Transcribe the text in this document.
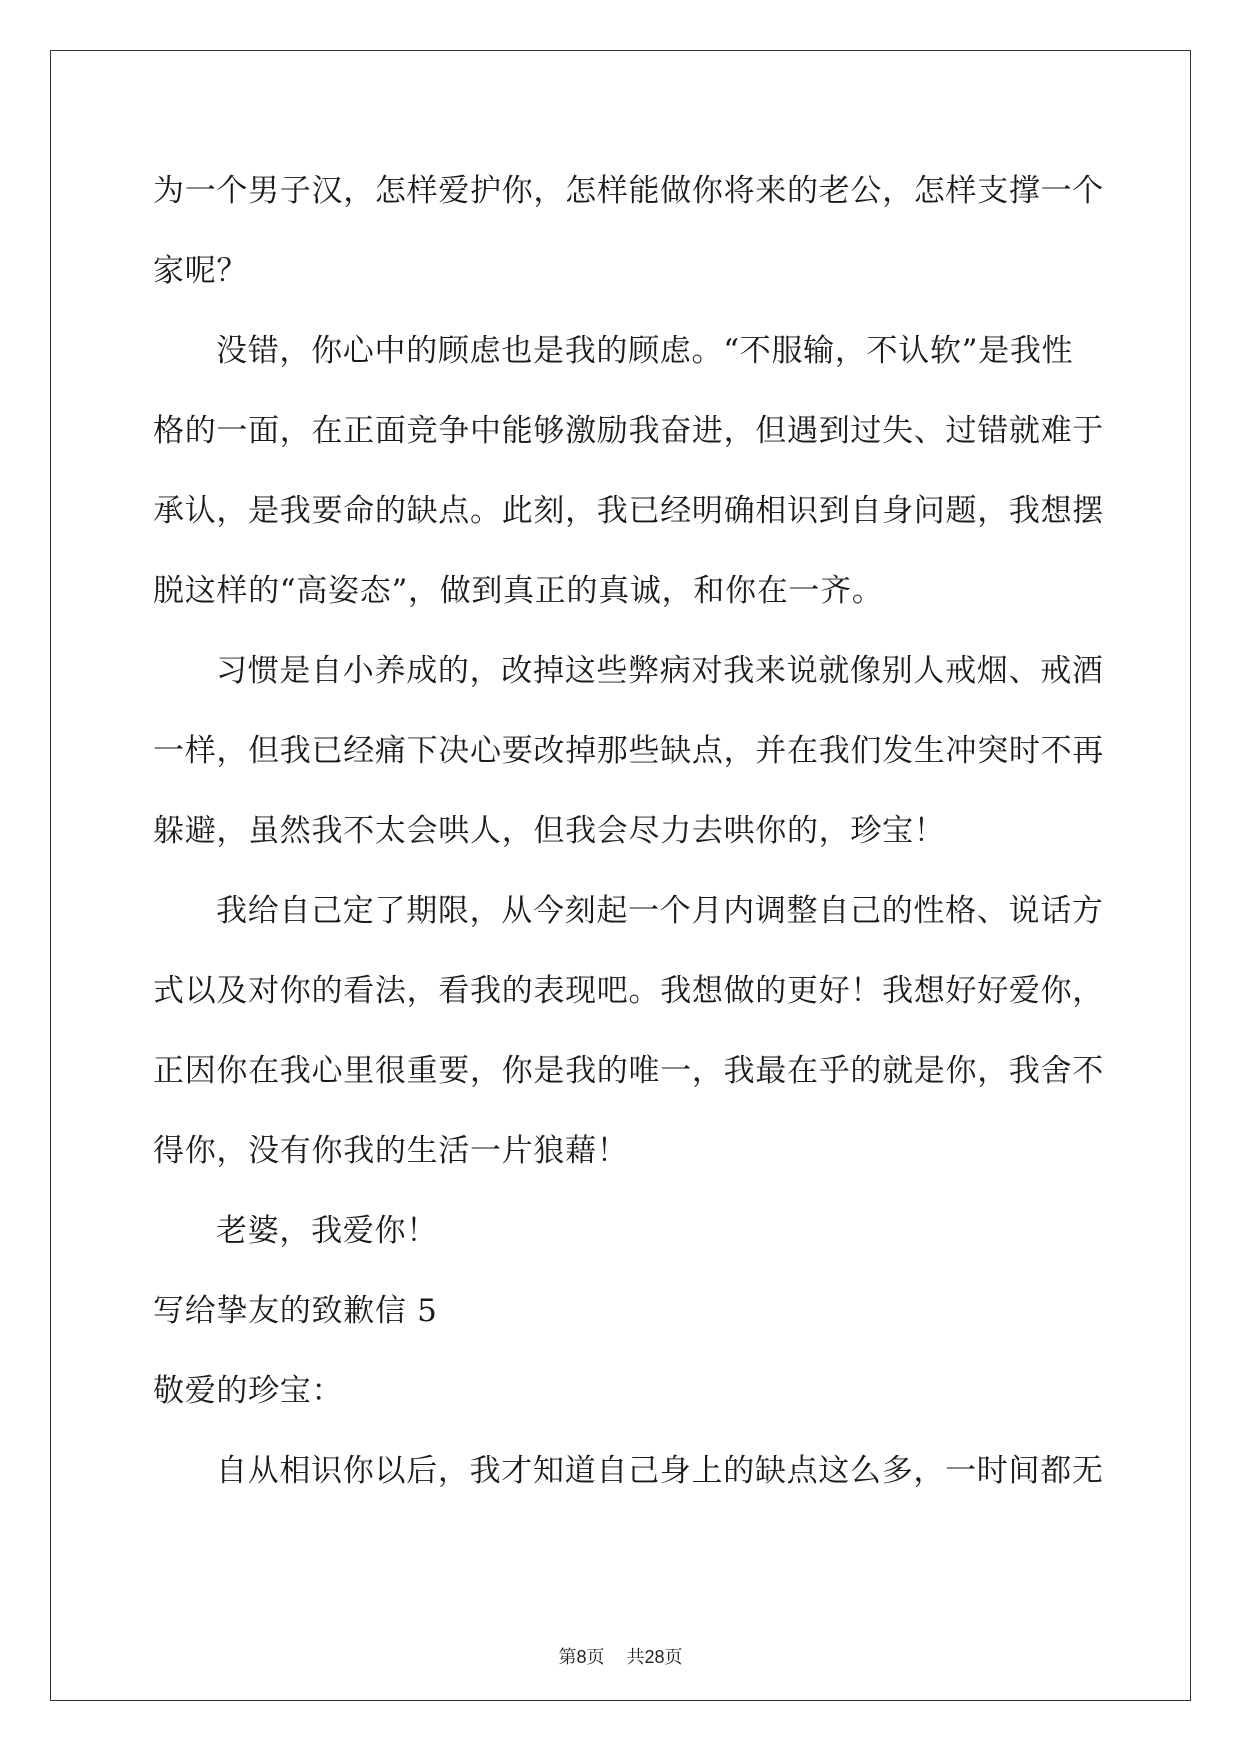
为一个男子汉，怎样爱护你，怎样能做你将来的老公，怎样支撑一个
家呢？
没错，你心中的顾虑也是我的顾虑。“不服输，不认软”是我性
格的一面，在正面竞争中能够激励我奋进，但遇到过失、过错就难于
承认，是我要命的缺点。此刻，我已经明确相识到自身问题，我想摆
脱这样的“高姿态”，做到真正的真诚，和你在一齐。
习惯是自小养成的，改掉这些弊病对我来说就像别人戒烟、戒酒
一样，但我已经痛下决心要改掉那些缺点，并在我们发生冲突时不再
躲避，虽然我不太会哄人，但我会尽力去哄你的，珍宝！
我给自己定了期限，从今刻起一个月内调整自己的性格、说话方
式以及对你的看法，看我的表现吧。我想做的更好！我想好好爱你，
正因你在我心里很重要，你是我的唯一，我最在乎的就是你，我舍不
得你，没有你我的生活一片狼藉！
老婆，我爱你！
写给挚友的致歉信 5
敬爱的珍宝：
自从相识你以后，我才知道自己身上的缺点这么多，一时间都无
第8页 共28页
